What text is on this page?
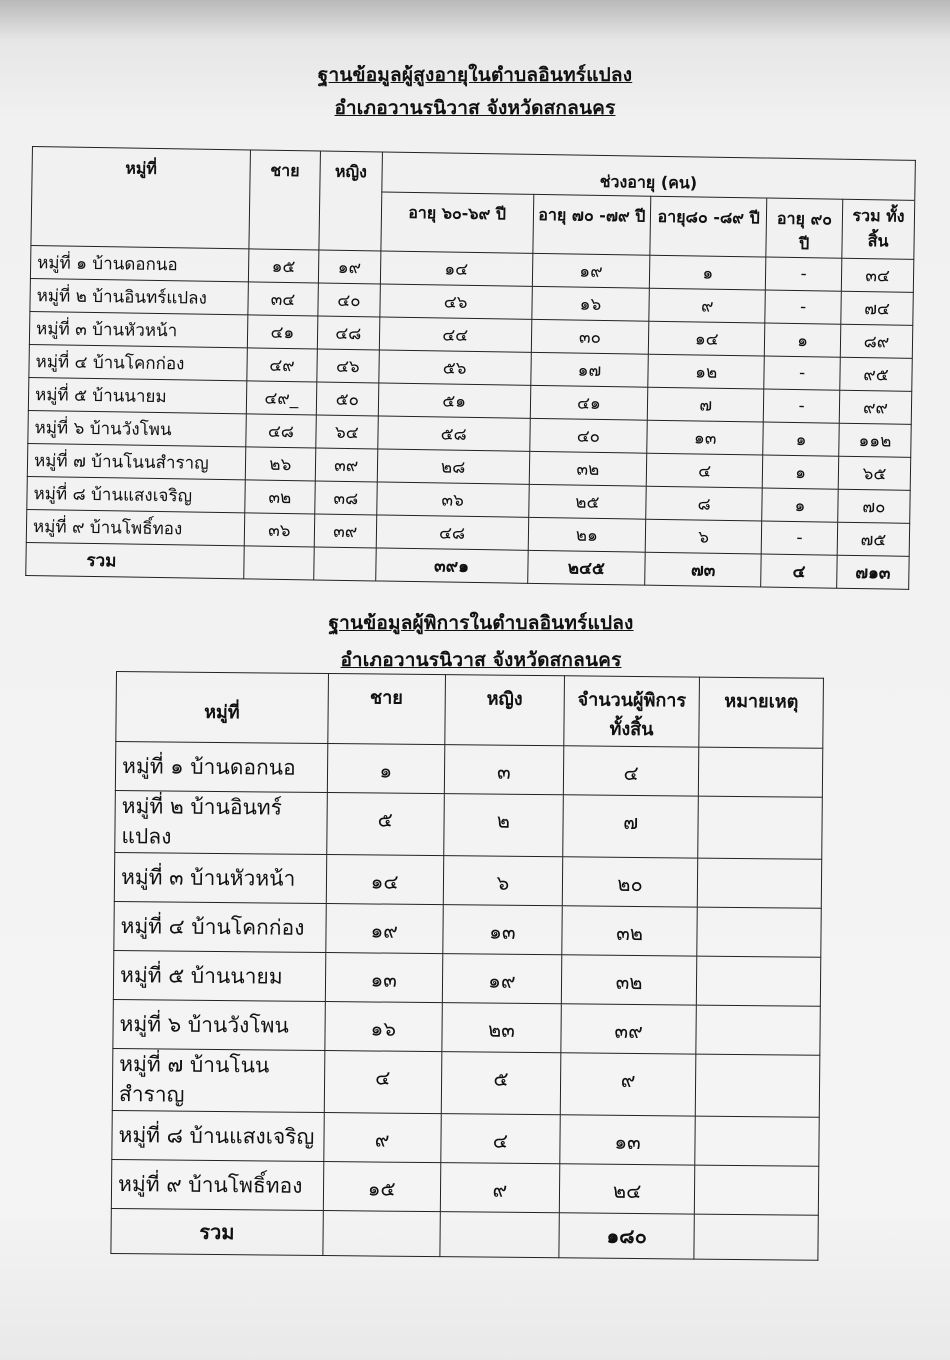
ฐานข้อมูลผู้สูงอายุในตำบลอินทร์แปลง
อำเภอวานรนิวาส จังหวัดสกลนคร
หมู่ที่	ชาย	หญิง	ช่วงอายุ (คน)				
			อายุ ๖๐-๖๙ ปี	อายุ ๗๐ -๗๙ ปี	อายุ๘๐ -๘๙ ปี	อายุ ๙๐ ปี	รวม ทั้งสิ้น
หมู่ที่ ๑ บ้านดอกนอ	๑๕	๑๙	๑๔	๑๙	๑	-	๓๔
หมู่ที่ ๒ บ้านอินทร์แปลง	๓๔	๔๐	๔๖	๑๖	๙	-	๗๔
หมู่ที่ ๓ บ้านหัวหน้า	๔๑	๔๘	๔๔	๓๐	๑๔	๑	๘๙
หมู่ที่ ๔ บ้านโคกก่อง	๔๙	๔๖	๕๖	๑๗	๑๒	-	๙๕
หมู่ที่ ๕ บ้านนายม	๔๙_	๕๐	๕๑	๔๑	๗	-	๙๙
หมู่ที่ ๖ บ้านวังโพน	๔๘	๖๔	๕๘	๔๐	๑๓	๑	๑๑๒
หมู่ที่ ๗ บ้านโนนสำราญ	๒๖	๓๙	๒๘	๓๒	๔	๑	๖๕
หมู่ที่ ๘ บ้านแสงเจริญ	๓๒	๓๘	๓๖	๒๕	๘	๑	๗๐
หมู่ที่ ๙ บ้านโพธิ์ทอง	๓๖	๓๙	๔๘	๒๑	๖	-	๗๕
รวม			๓๙๑	๒๔๕	๗๓	๔	๗๑๓
ฐานข้อมูลผู้พิการในตำบลอินทร์แปลง
อำเภอวานรนิวาส จังหวัดสกลนคร
หมู่ที่	ชาย	หญิง	จำนวนผู้พิการทั้งสิ้น	หมายเหตุ
หมู่ที่ ๑ บ้านดอกนอ	๑	๓	๔	
หมู่ที่ ๒ บ้านอินทร์แปลง	๕	๒	๗	
หมู่ที่ ๓ บ้านหัวหน้า	๑๔	๖	๒๐	
หมู่ที่ ๔ บ้านโคกก่อง	๑๙	๑๓	๓๒	
หมู่ที่ ๕ บ้านนายม	๑๓	๑๙	๓๒	
หมู่ที่ ๖ บ้านวังโพน	๑๖	๒๓	๓๙	
หมู่ที่ ๗ บ้านโนนสำราญ	๔	๕	๙	
หมู่ที่ ๘ บ้านแสงเจริญ	๙	๔	๑๓	
หมู่ที่ ๙ บ้านโพธิ์ทอง	๑๕	๙	๒๔	
รวม			๑๘๐	
